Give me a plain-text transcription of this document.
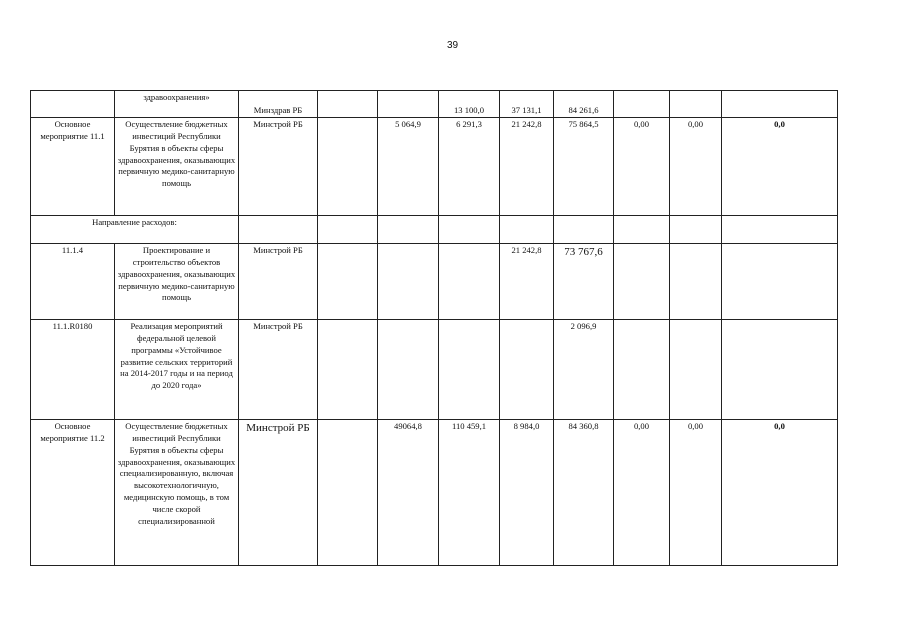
39
	здравоохранения»	Минздрав РБ			13 100,0	37 131,1	84 261,6			
Основное мероприятие 11.1	Осуществление бюджетных инвестиций Республики Бурятия в объекты сферы здравоохранения, оказывающих первичную медико-санитарную помощь	Минстрой РБ		5 064,9	6 291,3	21 242,8	75 864,5	0,00	0,00	0,0
Направление расходов:										
11.1.4	Проектирование и строительство объектов здравоохранения, оказывающих первичную медико-санитарную помощь	Минстрой РБ				21 242,8	73 767,6			
11.1.R0180	Реализация мероприятий федеральной целевой программы «Устойчивое развитие сельских территорий на 2014-2017 годы и на период до 2020 года»	Минстрой РБ					2 096,9			
Основное мероприятие 11.2	Осуществление бюджетных инвестиций Республики Бурятия в объекты сферы здравоохранения, оказывающих специализированную, включая высокотехнологичную, медицинскую помощь, в том числе скорой специализированной	Минстрой РБ		49064,8	110 459,1	8 984,0	84 360,8	0,00	0,00	0,0
